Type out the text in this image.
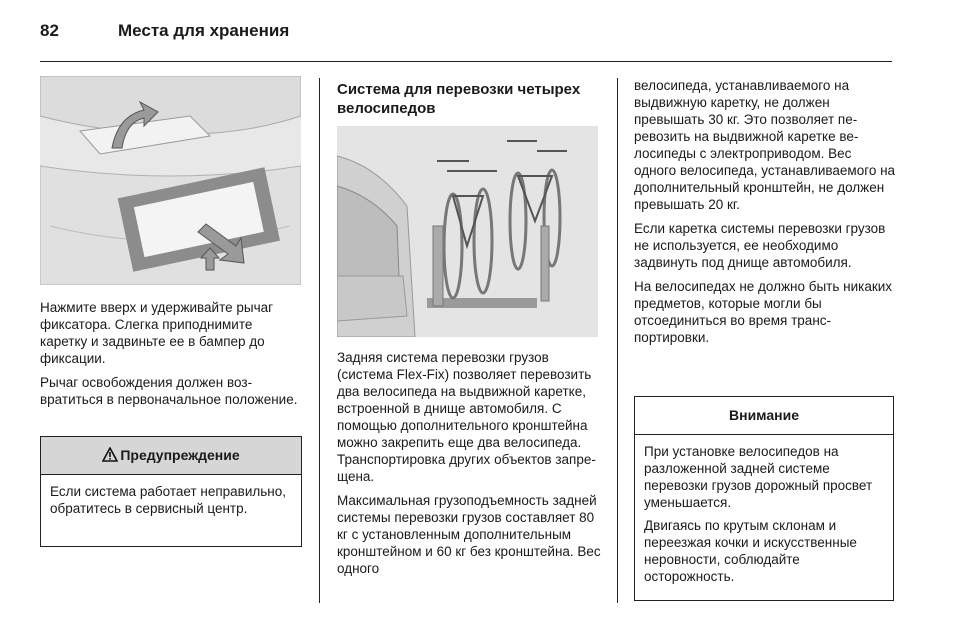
82	Места для хранения

Нажмите вверх и удерживайте рычаг фиксатора. Слегка приподнимите каретку и задвиньте ее в бампер до фиксации.

Рычаг освобождения должен возвратиться в первоначальное положение.

Предупреждение

Если система работает неправильно, обратитесь в сервисный центр.

Система для перевозки четырех велосипедов

Задняя система перевозки грузов (система Flex-Fix) позволяет перевозить два велосипеда на выдвижной каретке, встроенной в днище автомобиля. С помощью дополнительного кронштейна можно закрепить еще два велосипеда. Транспортировка других объектов запрещена.

Максимальная грузоподъемность задней системы перевозки грузов составляет 80 кг с установленным дополнительным кронштейном и 60 кг без кронштейна. Вес одного

велосипеда, устанавливаемого на выдвижную каретку, не должен превышать 30 кг. Это позволяет перевозить на выдвижной каретке велосипеды с электроприводом. Вес одного велосипеда, устанавливаемого на дополнительный кронштейн, не должен превышать 20 кг.

Если каретка системы перевозки грузов не используется, ее необходимо задвинуть под днище автомобиля.

На велосипедах не должно быть никаких предметов, которые могли бы отсоединиться во время транспортировки.

Внимание

При установке велосипедов на разложенной задней системе перевозки грузов дорожный просвет уменьшается.

Двигаясь по крутым склонам и переезжая кочки и искусственные неровности, соблюдайте осторожность.
